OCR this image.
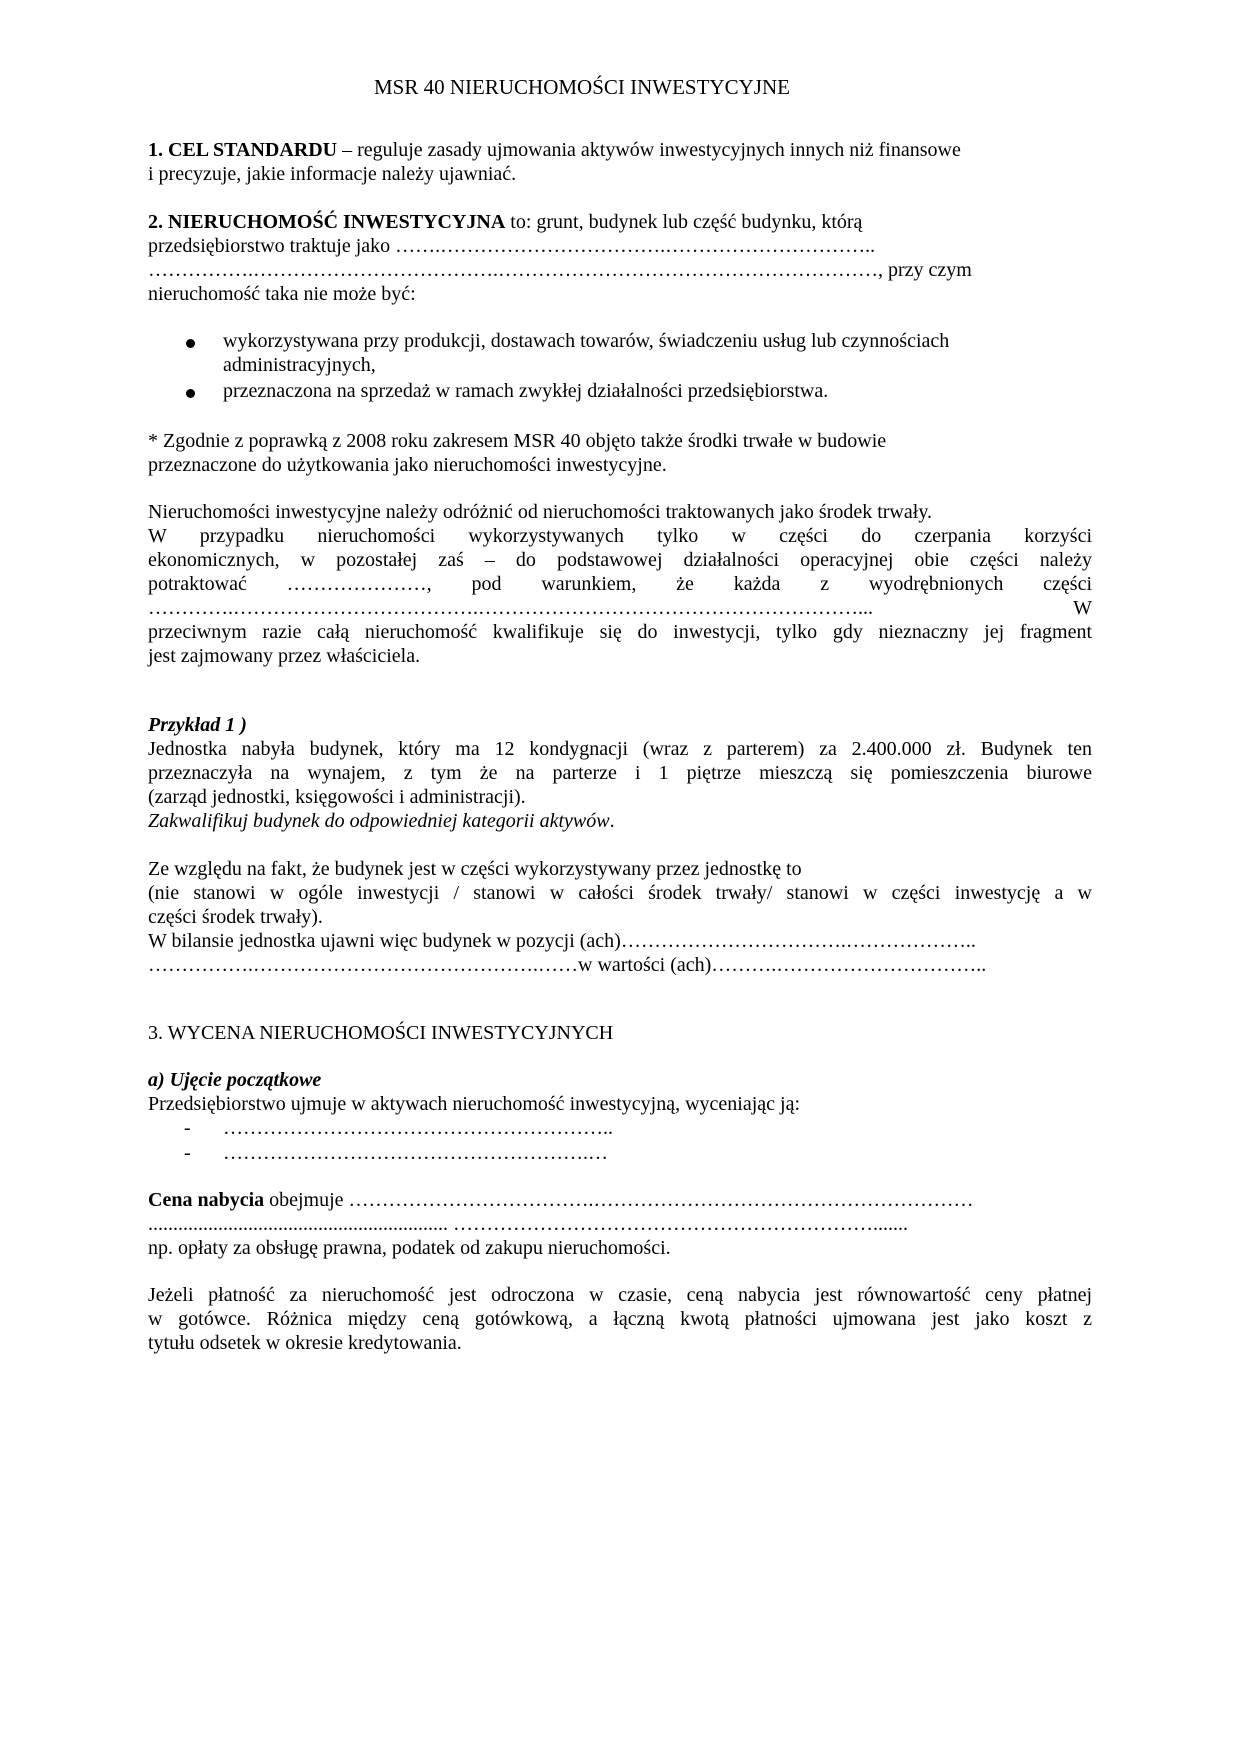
MSR 40 NIERUCHOMOŚCI INWESTYCYJNE
1. CEL STANDARDU – reguluje zasady ujmowania aktywów inwestycyjnych innych niż finansowe
i precyzuje, jakie informacje należy ujawniać.
2. NIERUCHOMOŚĆ INWESTYCYJNA to: grunt, budynek lub część budynku, którą
przedsiębiorstwo traktuje jako …….…………………………….…………………………..
…………….……………………………….…………………………………………………, przy czym
nieruchomość taka nie może być:
wykorzystywana przy produkcji, dostawach towarów, świadczeniu usług lub czynnościach
administracyjnych,
przeznaczona na sprzedaż w ramach zwykłej działalności przedsiębiorstwa.
* Zgodnie z poprawką z 2008 roku zakresem MSR 40 objęto także środki trwałe w budowie
przeznaczone do użytkowania jako nieruchomości inwestycyjne.
Nieruchomości inwestycyjne należy odróżnić od nieruchomości traktowanych jako środek trwały.
W przypadku nieruchomości wykorzystywanych tylko w części do czerpania korzyści
ekonomicznych, w pozostałej zaś – do podstawowej działalności operacyjnej obie części należy
potraktować …………………, pod warunkiem, że każda z wyodrębnionych części
………….……………………………….…………………………………………………... W
przeciwnym razie całą nieruchomość kwalifikuje się do inwestycji, tylko gdy nieznaczny jej fragment
jest zajmowany przez właściciela.
Przykład 1 )
Jednostka nabyła budynek, który ma 12 kondygnacji (wraz z parterem) za 2.400.000 zł. Budynek ten
przeznaczyła na wynajem, z tym że na parterze i 1 piętrze mieszczą się pomieszczenia biurowe
(zarząd jednostki, księgowości i administracji).
Zakwalifikuj budynek do odpowiedniej kategorii aktywów.
Ze względu na fakt, że budynek jest w części wykorzystywany przez jednostkę to
(nie stanowi w ogóle inwestycji / stanowi w całości środek trwały/ stanowi w części inwestycję a w
części środek trwały).
W bilansie jednostka ujawni więc budynek w pozycji (ach)…………………………….………………..
…………….…………………………………….……w wartości (ach)……….…………………………..
3. WYCENA NIERUCHOMOŚCI INWESTYCYJNYCH
a) Ujęcie początkowe
Przedsiębiorstwo ujmuje w aktywach nieruchomość inwestycyjną, wyceniając ją:
- …………………………………………………..
- ……………………………………………….…
Cena nabycia obejmuje ……………………………….…………………………………………………
............................................................ ……………………………………………………….......
np. opłaty za obsługę prawna, podatek od zakupu nieruchomości.
Jeżeli płatność za nieruchomość jest odroczona w czasie, ceną nabycia jest równowartość ceny płatnej
w gotówce. Różnica między ceną gotówkową, a łączną kwotą płatności ujmowana jest jako koszt z
tytułu odsetek w okresie kredytowania.
